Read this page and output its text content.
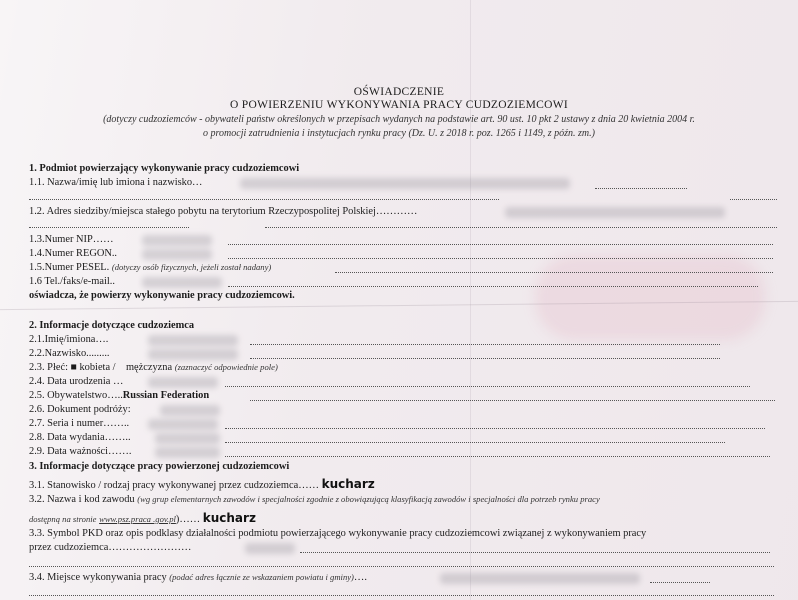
OŚWIADCZENIE
O POWIERZENIU WYKONYWANIA PRACY CUDZOZIEMCOWI
(dotyczy cudzoziemców - obywateli państw określonych w przepisach wydanych na podstawie art. 90 ust. 10 pkt 2 ustawy z dnia 20 kwietnia 2004 r.
o promocji zatrudnienia i instytucjach rynku pracy (Dz. U. z 2018 r. poz. 1265 i 1149, z późn. zm.)
1. Podmiot powierzający wykonywanie pracy cudzoziemcowi
1.1. Nazwa/imię lub imiona i nazwisko…
1.2. Adres siedziby/miejsca stałego pobytu na terytorium Rzeczypospolitej Polskiej…………
1.3.Numer NIP……
1.4.Numer REGON..
1.5.Numer PESEL. (dotyczy osób fizycznych, jeżeli został nadany)
1.6 Tel./faks/e-mail..
oświadcza, że powierzy wykonywanie pracy cudzoziemcowi.
2. Informacje dotyczące cudzoziemca
2.1.Imię/imiona….
2.2.Nazwisko.........
2.3. Płeć: ■ kobieta / mężczyzna (zaznaczyć odpowiednie pole)
2.4. Data urodzenia …
2.5. Obywatelstwo…..Russian Federation
2.6. Dokument podróży:
2.7. Seria i numer……..
2.8. Data wydania……..
2.9. Data ważności…….
3. Informacje dotyczące pracy powierzonej cudzoziemcowi
3.1. Stanowisko / rodzaj pracy wykonywanej przez cudzoziemca…… kucharz
3.2. Nazwa i kod zawodu (wg grup elementarnych zawodów i specjalności zgodnie z obowiązującą klasyfikacją zawodów i specjalności dla potrzeb rynku pracy
dostępną na stronie www.psz.praca .gov.pl)…… kucharz
3.3. Symbol PKD oraz opis podklasy działalności podmiotu powierzającego wykonywanie pracy cudzoziemcowi związanej z wykonywaniem pracy
przez cudzoziemca……………………
3.4. Miejsce wykonywania pracy (podać adres łącznie ze wskazaniem powiatu i gminy)….
